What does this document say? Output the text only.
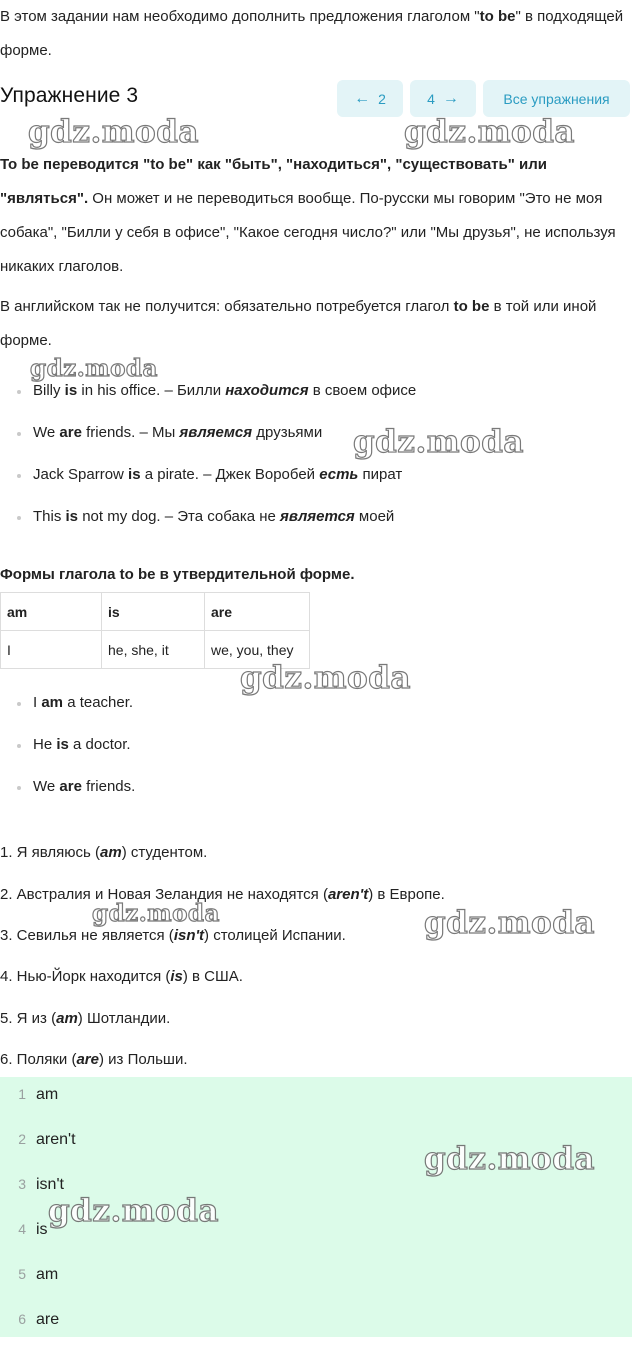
В этом задании нам необходимо дополнить предложения глаголом "to be" в подходящей форме.
Упражнение 3	← 2	4 →	Все упражнения
To be переводится "to be" как "быть", "находиться", "существовать" или "являться". Он может и не переводиться вообще. По-русски мы говорим "Это не моя собака", "Билли у себя в офисе", "Какое сегодня число?" или "Мы друзья", не используя никаких глаголов.
В английском так не получится: обязательно потребуется глагол to be в той или иной форме.
Billy is in his office. – Билли находится в своем офисе
We are friends. – Мы являемся друзьями
Jack Sparrow is a pirate. – Джек Воробей есть пират
This is not my dog. – Эта собака не является моей
Формы глагола to be в утвердительной форме.
am	is	are
I	he, she, it	we, you, they
I am a teacher.
He is a doctor.
We are friends.
1. Я являюсь (am) студентом.
2. Австралия и Новая Зеландия не находятся (aren't) в Европе.
3. Севилья не является (isn't) столицей Испании.
4. Нью-Йорк находится (is) в США.
5. Я из (am) Шотландии.
6. Поляки (are) из Польши.
1 am
2 aren't
3 isn't
4 is
5 am
6 are
gdz.moda	gdz.moda
gdz.moda
gdz.moda
gdz.moda
gdz.moda	gdz.moda
gdz.moda
gdz.moda
